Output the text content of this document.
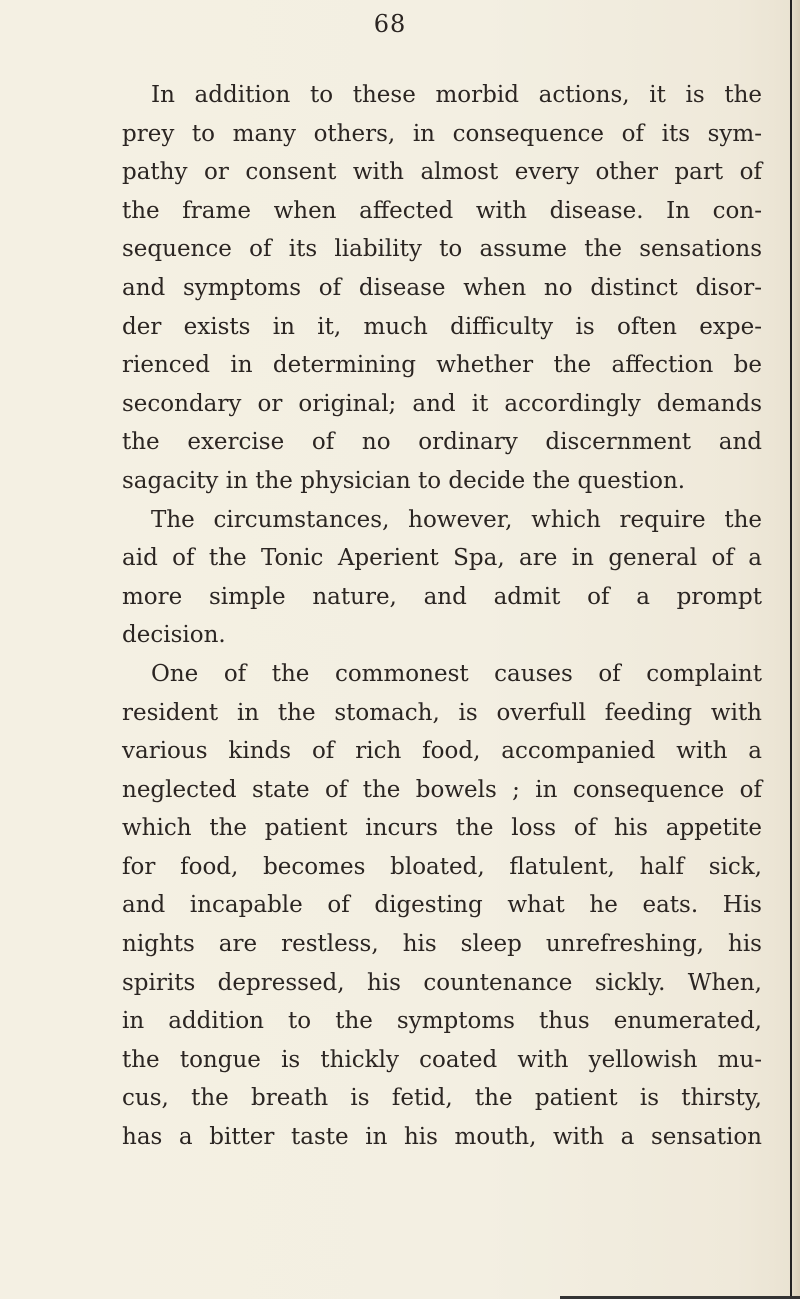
68
In addition to these morbid actions, it is the
prey to many others, in consequence of its sym-
pathy or consent with almost every other part of
the frame when affected with disease. In con-
sequence of its liability to assume the sensations
and symptoms of disease when no distinct disor-
der exists in it, much difficulty is often expe-
rienced in determining whether the affection be
secondary or original; and it accordingly demands
the exercise of no ordinary discernment and
sagacity in the physician to decide the question.
The circumstances, however, which require the
aid of the Tonic Aperient Spa, are in general of a
more simple nature, and admit of a prompt
decision.
One of the commonest causes of complaint
resident in the stomach, is overfull feeding with
various kinds of rich food, accompanied with a
neglected state of the bowels ; in consequence of
which the patient incurs the loss of his appetite
for food, becomes bloated, flatulent, half sick,
and incapable of digesting what he eats. His
nights are restless, his sleep unrefreshing, his
spirits depressed, his countenance sickly. When,
in addition to the symptoms thus enumerated,
the tongue is thickly coated with yellowish mu-
cus, the breath is fetid, the patient is thirsty,
has a bitter taste in his mouth, with a sensation
